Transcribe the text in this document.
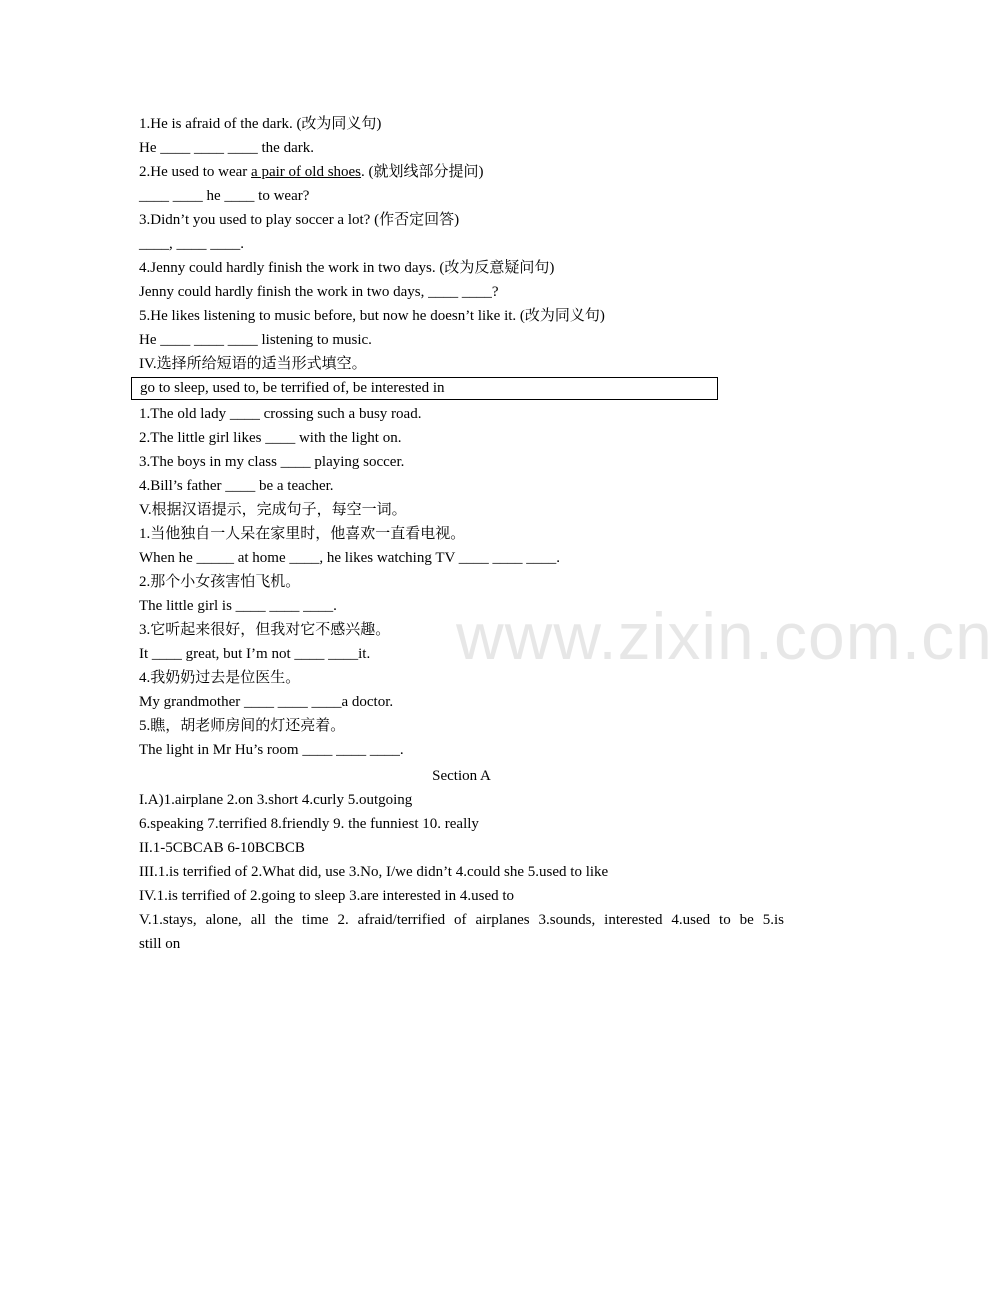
1.He is afraid of the dark. (改为同义句)
He ____ ____ ____ the dark.
2.He used to wear a pair of old shoes. (就划线部分提问)
____ ____ he ____ to wear?
3.Didn’t you used to play soccer a lot? (作否定回答)
____, ____ ____.
4.Jenny could hardly finish the work in two days. (改为反意疑问句)
Jenny could hardly finish the work in two days, ____ ____?
5.He likes listening to music before, but now he doesn’t like it. (改为同义句)
He ____ ____ ____ listening to music.
IV.选择所给短语的适当形式填空。
go to sleep, used to, be terrified of, be interested in
1.The old lady ____ crossing such a busy road.
2.The little girl likes ____ with the light on.
3.The boys in my class ____ playing soccer.
4.Bill’s father ____ be a teacher.
V.根据汉语提示，完成句子，每空一词。
1.当他独自一人呆在家里时，他喜欢一直看电视。
When he _____ at home ____, he likes watching TV ____ ____ ____.
2.那个小女孩害怕飞机。
The little girl is ____ ____ ____.
3.它听起来很好，但我对它不感兴趣。
It ____ great, but I’m not ____ ____it.
4.我奶奶过去是位医生。
My grandmother ____ ____ ____a doctor.
5.瞧，胡老师房间的灯还亮着。
The light in Mr Hu’s room ____ ____ ____.
Section A
I.A)1.airplane 2.on 3.short 4.curly 5.outgoing
6.speaking 7.terrified 8.friendly 9. the funniest 10. really
II.1-5CBCAB 6-10BCBCB
III.1.is terrified of 2.What did, use 3.No, I/we didn’t 4.could she 5.used to like
IV.1.is terrified of 2.going to sleep 3.are interested in 4.used to
V.1.stays, alone, all the time 2. afraid/terrified of airplanes 3.sounds, interested 4.used to be 5.is
still on
www.zixin.com.cn
